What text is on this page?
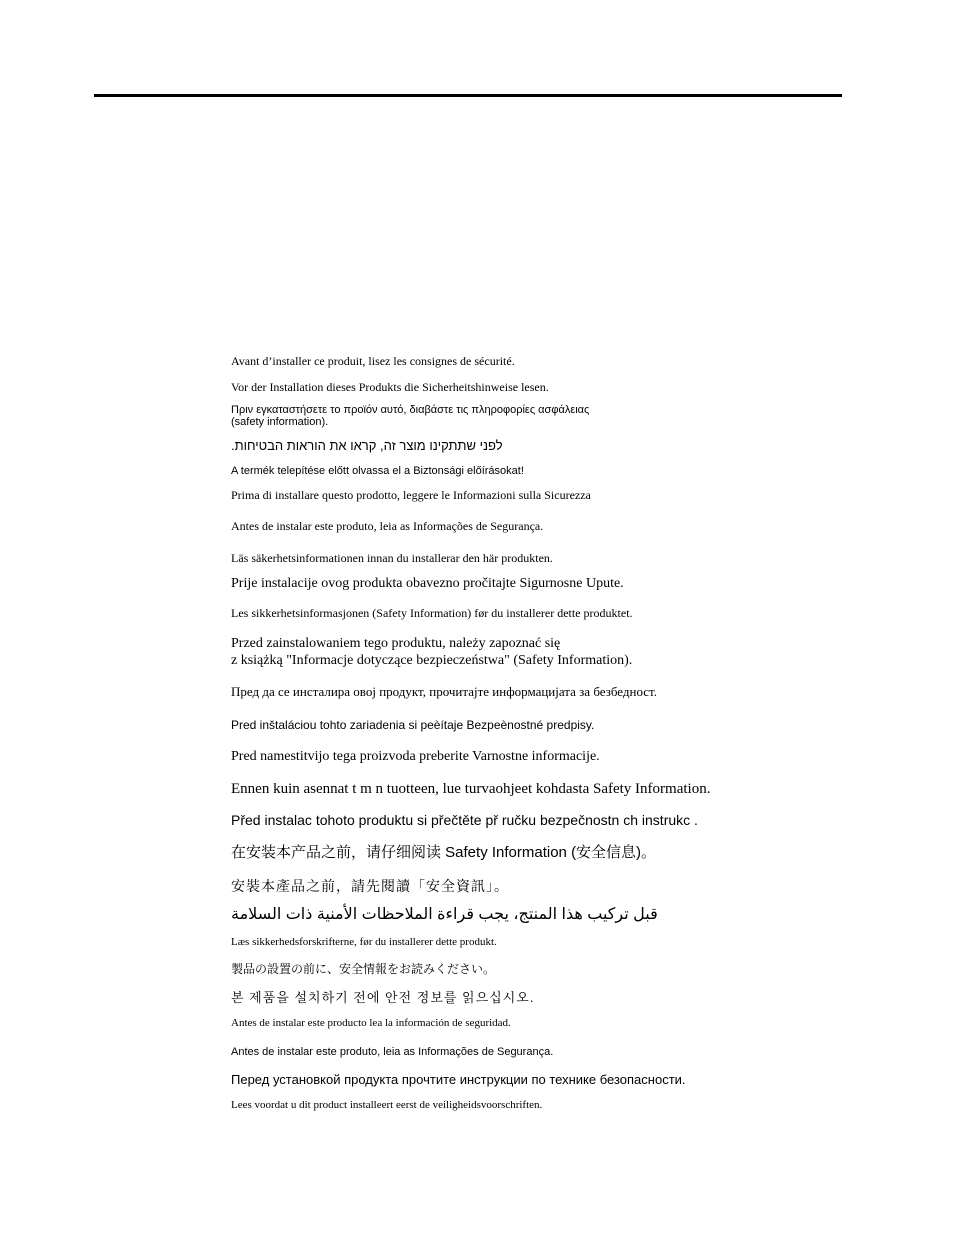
Avant d’installer ce produit, lisez les consignes de sécurité.

Vor der Installation dieses Produkts die Sicherheitshinweise lesen.

Πριν εγκαταστήσετε το προϊόν αυτό, διαβάστε τις πληροφορίες ασφάλειας

(safety information).

לפני שתתקינו מוצר זה, קראו את הוראות הבטיחות.

A termék telepítése előtt olvassa el a Biztonsági előírásokat!

Prima di installare questo prodotto, leggere le Informazioni sulla Sicurezza

Antes de instalar este produto, leia as Informações de Segurança.

Läs säkerhetsinformationen innan du installerar den här produkten.

Prije instalacije ovog produkta obavezno pročitajte Sigurnosne Upute.

Les sikkerhetsinformasjonen (Safety Information) før du installerer dette produktet.

Przed zainstalowaniem tego produktu, należy zapoznać się

z książką "Informacje dotyczące bezpieczeństwa" (Safety Information).

Пред да се инсталира овој продукт, прочитајте информацијата за безбедност.

Pred inštaláciou tohto zariadenia si peèítaje Bezpeènostné predpisy.

Pred namestitvijo tega proizvoda preberite Varnostne informacije.

Ennen kuin asennat t m n tuotteen, lue turvaohjeet kohdasta Safety Information.

Před instalac tohoto produktu si přečtěte př ručku bezpečnostn ch instrukc .

在安装本产品之前，请仔细阅读 Safety Information (安全信息)。

安裝本產品之前，請先閱讀「安全資訊」。

قبل تركيب هذا المنتج، يجب قراءة الملاحظات الأمنية ذات السلامة

Læs sikkerhedsforskrifterne, før du installerer dette produkt.

製品の設置の前に、安全情報をお読みください。

본 제품을 설치하기 전에 안전 정보를 읽으십시오.

Antes de instalar este producto lea la información de seguridad.

Antes de instalar este produto, leia as Informações de Segurança.

Перед установкой продукта прочтите инструкции по технике безопасности.

Lees voordat u dit product installeert eerst de veiligheidsvoorschriften.
